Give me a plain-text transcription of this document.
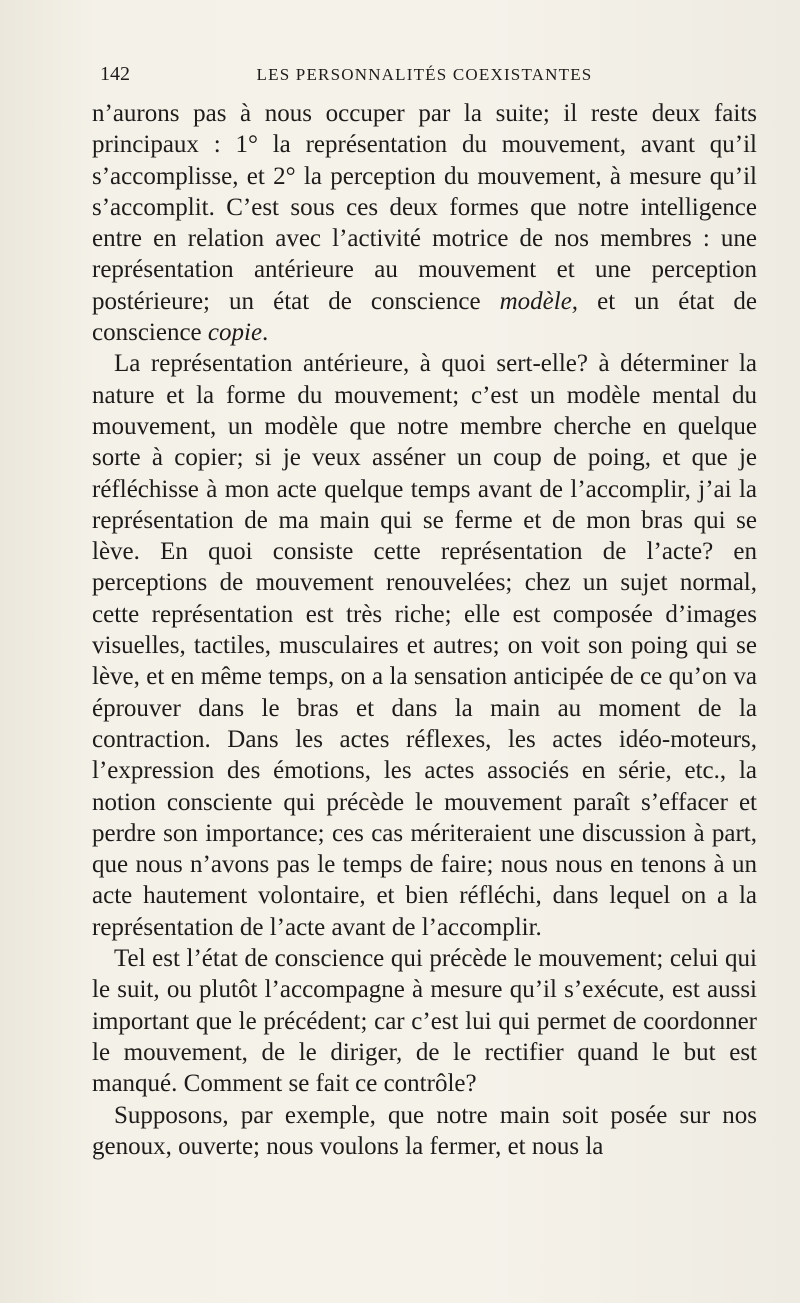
142	LES PERSONNALITÉS COEXISTANTES

n’aurons pas à nous occuper par la suite; il reste deux faits principaux : 1° la représentation du mouvement, avant qu’il s’accomplisse, et 2° la perception du mouvement, à mesure qu’il s’accomplit. C’est sous ces deux formes que notre intelligence entre en relation avec l’activité motrice de nos membres : une représentation antérieure au mouvement et une perception postérieure; un état de conscience modèle, et un état de conscience copie.

La représentation antérieure, à quoi sert-elle? à déterminer la nature et la forme du mouvement; c’est un modèle mental du mouvement, un modèle que notre membre cherche en quelque sorte à copier; si je veux asséner un coup de poing, et que je réfléchisse à mon acte quelque temps avant de l’accomplir, j’ai la représentation de ma main qui se ferme et de mon bras qui se lève. En quoi consiste cette représentation de l’acte? en perceptions de mouvement renouvelées; chez un sujet normal, cette représentation est très riche; elle est composée d’images visuelles, tactiles, musculaires et autres; on voit son poing qui se lève, et en même temps, on a la sensation anticipée de ce qu’on va éprouver dans le bras et dans la main au moment de la contraction. Dans les actes réflexes, les actes idéo-moteurs, l’expression des émotions, les actes associés en série, etc., la notion consciente qui précède le mouvement paraît s’effacer et perdre son importance; ces cas mériteraient une discussion à part, que nous n’avons pas le temps de faire; nous nous en tenons à un acte hautement volontaire, et bien réfléchi, dans lequel on a la représentation de l’acte avant de l’accomplir.

Tel est l’état de conscience qui précède le mouvement; celui qui le suit, ou plutôt l’accompagne à mesure qu’il s’exécute, est aussi important que le précédent; car c’est lui qui permet de coordonner le mouvement, de le diriger, de le rectifier quand le but est manqué. Comment se fait ce contrôle?

Supposons, par exemple, que notre main soit posée sur nos genoux, ouverte; nous voulons la fermer, et nous la
